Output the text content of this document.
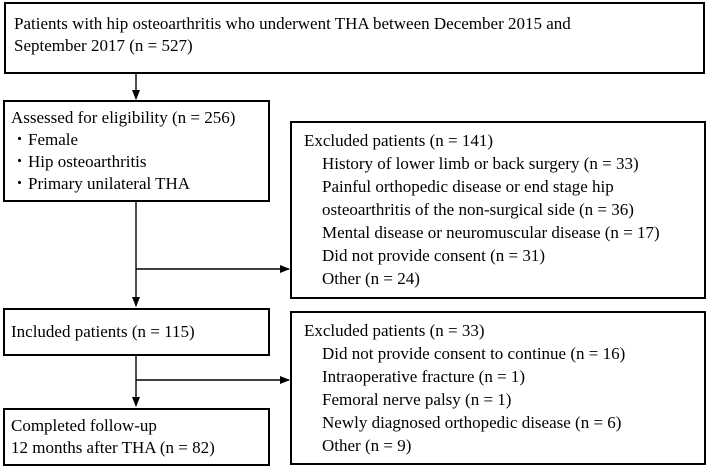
Patients with hip osteoarthritis who underwent THA between December 2015 and
September 2017 (n = 527)
Assessed for eligibility (n = 256)
・Female
・Hip osteoarthritis
・Primary unilateral THA
Excluded patients (n = 141)
History of lower limb or back surgery (n = 33)
Painful orthopedic disease or end stage hip
osteoarthritis of the non-surgical side (n = 36)
Mental disease or neuromuscular disease (n = 17)
Did not provide consent (n = 31)
Other (n = 24)
Included patients (n = 115)	Excluded patients (n = 33)
Did not provide consent to continue (n = 16)
Intraoperative fracture (n = 1)
Femoral nerve palsy (n = 1)
Newly diagnosed orthopedic disease (n = 6)
Other (n = 9)
Completed follow-up
12 months after THA (n = 82)
